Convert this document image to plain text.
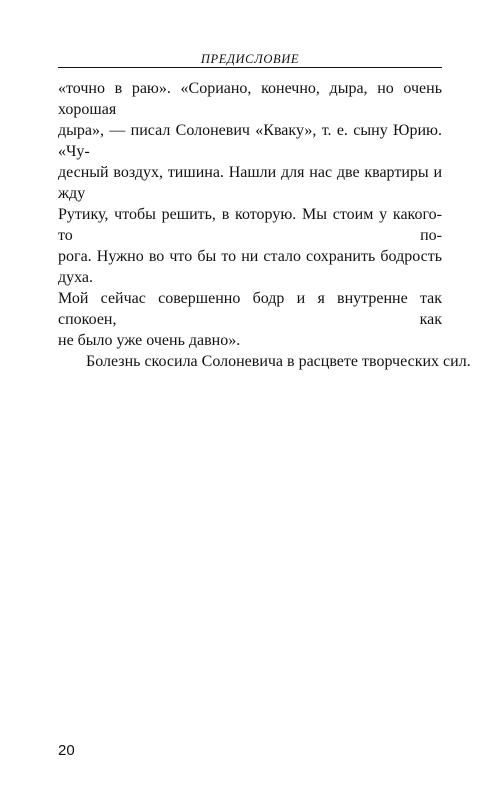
ПРЕДИСЛОВИЕ
«точно в раю». «Сориано, конечно, дыра, но очень хорошая
дыра», — писал Солоневич «Кваку», т. е. сыну Юрию. «Чу-
десный воздух, тишина. Нашли для нас две квартиры и жду
Рутику, чтобы решить, в которую. Мы стоим у какого-то по-
рога. Нужно во что бы то ни стало сохранить бодрость духа.
Мой сейчас совершенно бодр и я внутренне так спокоен, как
не было уже очень давно».
Болезнь скосила Солоневича в расцвете творческих сил.
20
